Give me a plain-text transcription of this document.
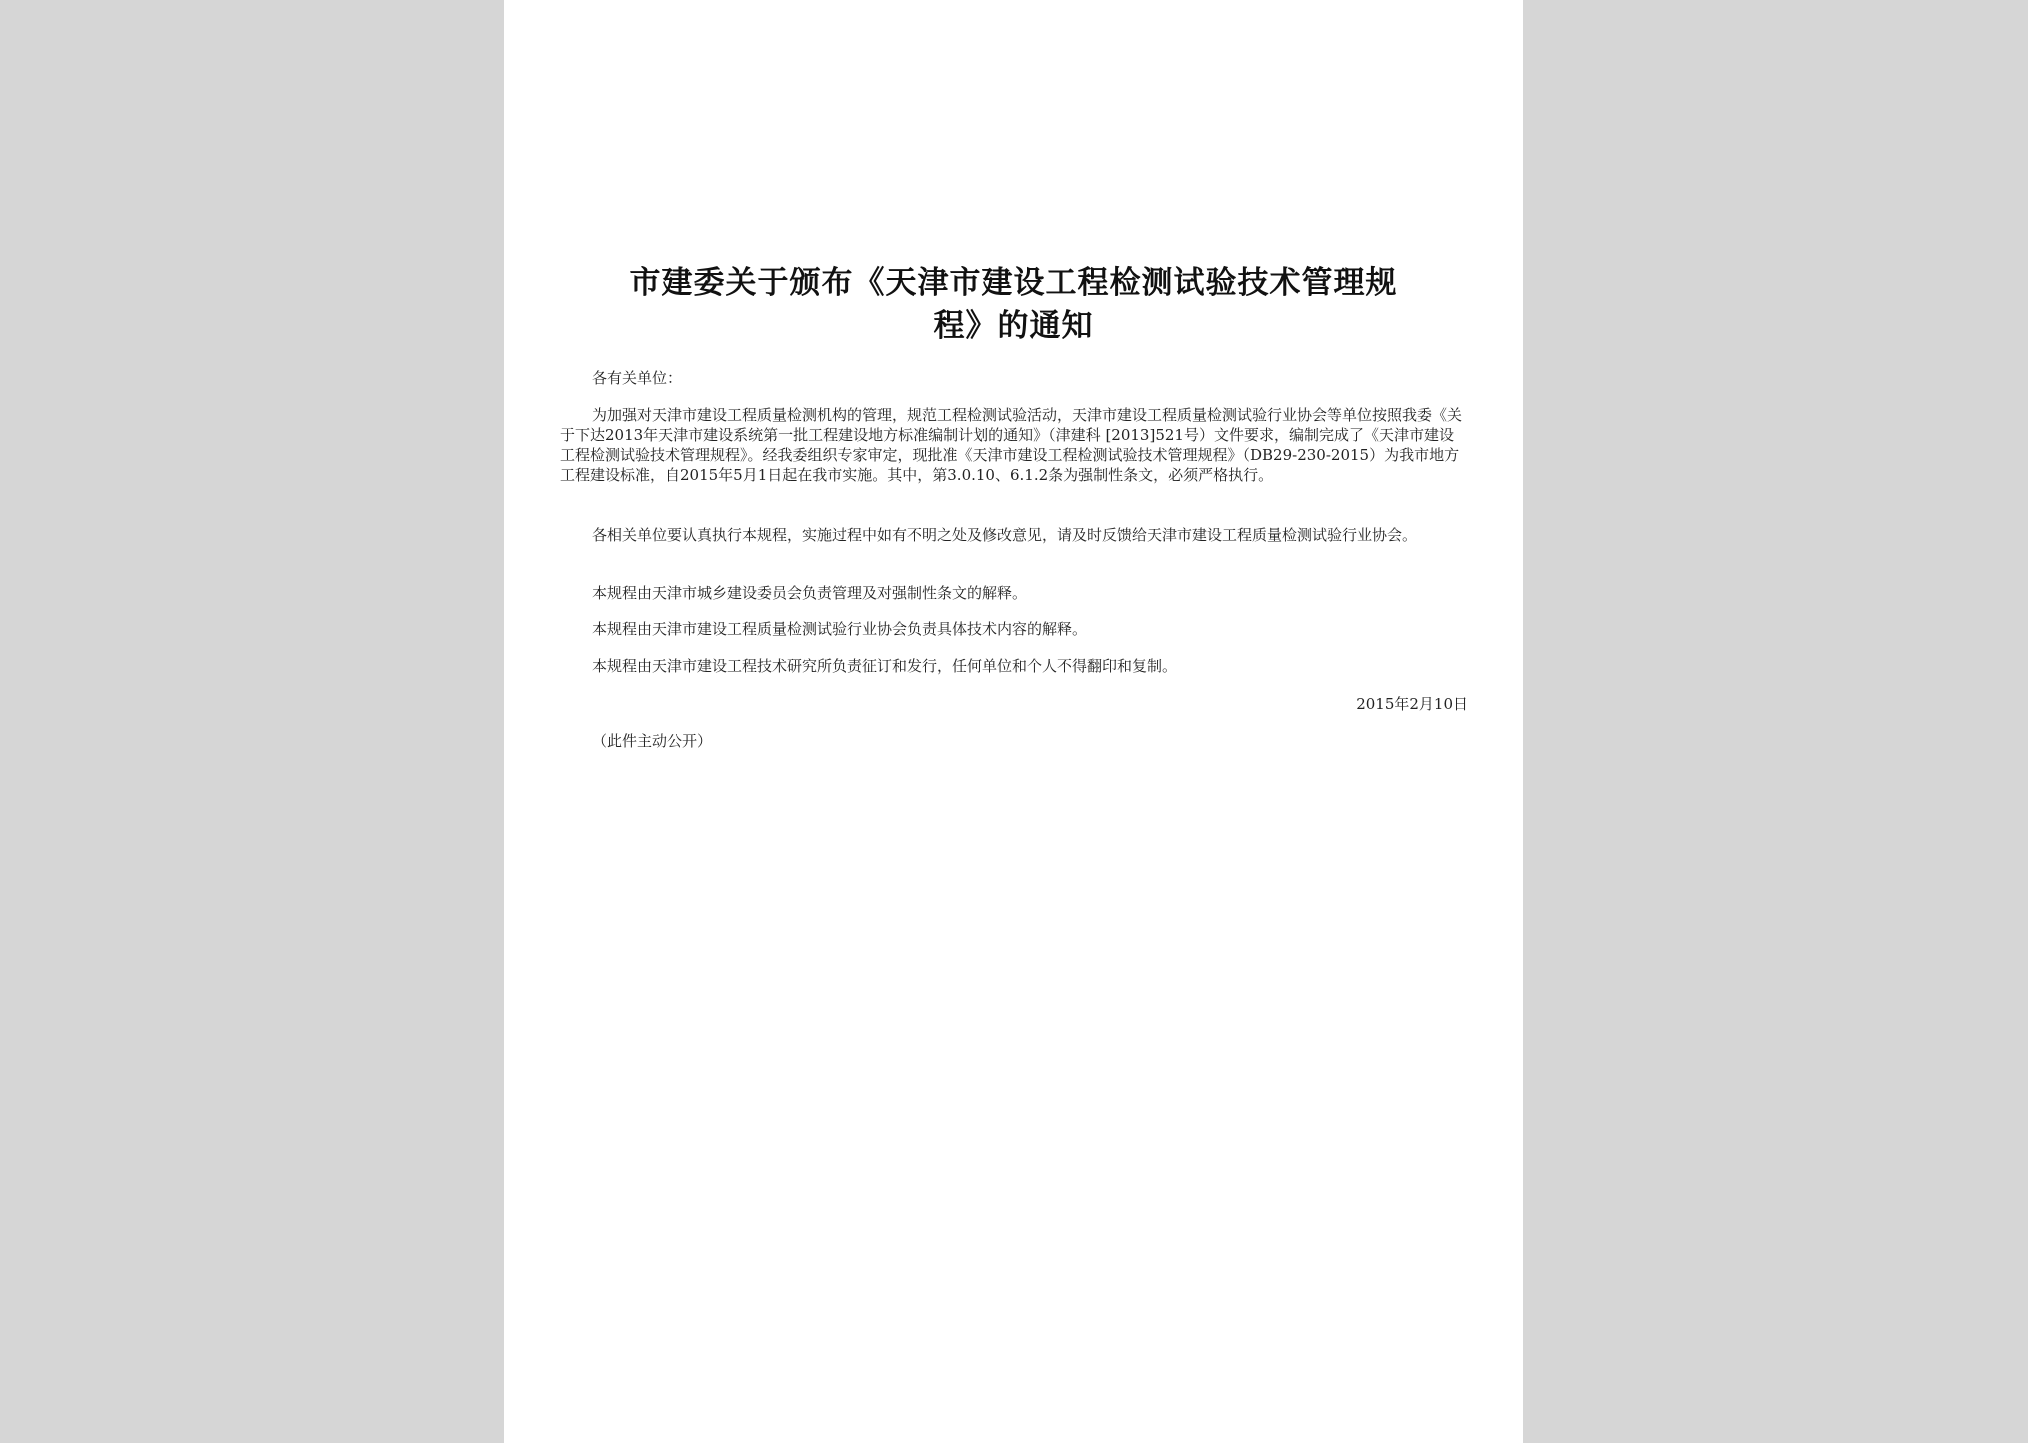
市建委关于颁布《天津市建设工程检测试验技术管理规
程》的通知

各有关单位：

为加强对天津市建设工程质量检测机构的管理，规范工程检测试验活动，天津市建设工程质量检测试验行业协会等单位按照我委《关于下达2013年天津市建设系统第一批工程建设地方标准编制计划的通知》（津建科 [2013]521号）文件要求，编制完成了《天津市建设工程检测试验技术管理规程》。经我委组织专家审定，现批准《天津市建设工程检测试验技术管理规程》（DB29-230-2015）为我市地方工程建设标准，自2015年5月1日起在我市实施。其中，第3.0.10、6.1.2条为强制性条文，必须严格执行。

各相关单位要认真执行本规程，实施过程中如有不明之处及修改意见，请及时反馈给天津市建设工程质量检测试验行业协会。

本规程由天津市城乡建设委员会负责管理及对强制性条文的解释。

本规程由天津市建设工程质量检测试验行业协会负责具体技术内容的解释。

本规程由天津市建设工程技术研究所负责征订和发行，任何单位和个人不得翻印和复制。

2015年2月10日

（此件主动公开）
